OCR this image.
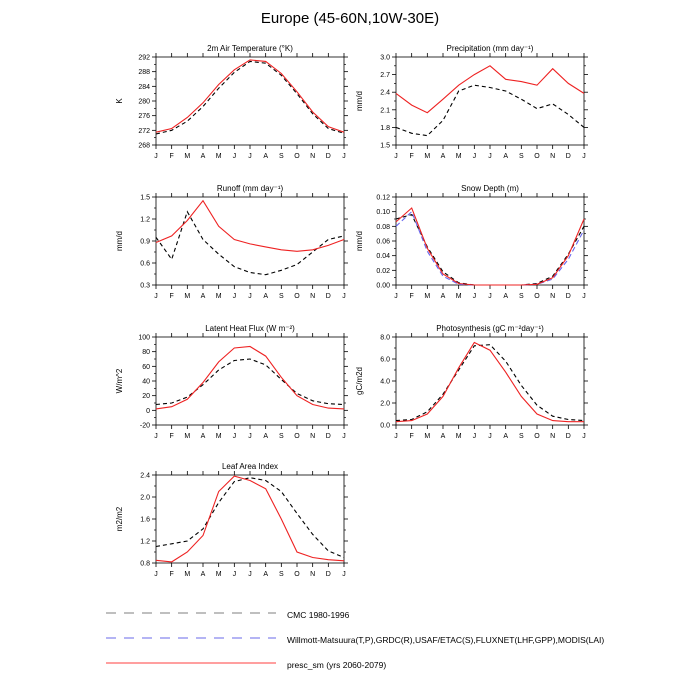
Europe (45-60N,10W-30E)
2m Air Temperature (°K)
268
272
276
280
284
288
292
J F M A M J J A S O N D J
K
Precipitation (mm day⁻¹)
1.5
1.8
2.1
2.4
2.7
3.0
J F M A M J J A S O N D J
mm/d
Runoff (mm day⁻¹)
0.3
0.6
0.9
1.2
1.5
J F M A M J J A S O N D J
mm/d
Snow Depth (m)
0.00
0.02
0.04
0.06
0.08
0.10
0.12
J F M A M J J A S O N D J
mm/d
Latent Heat Flux (W m⁻²)
-20
0
20
40
60
80
100
J F M A M J J A S O N D J
W/m^2
Photosynthesis (gC m⁻²day⁻¹)
0.0
2.0
4.0
6.0
8.0
J F M A M J J A S O N D J
gC/m2d
Leaf Area Index
0.8
1.2
1.6
2.0
2.4
J F M A M J J A S O N D J
m2/m2
CMC 1980-1996
Willmott-Matsuura(T,P),GRDC(R),USAF/ETAC(S),FLUXNET(LHF,GPP),MODIS(LAI)
presc_sm (yrs 2060-2079)
